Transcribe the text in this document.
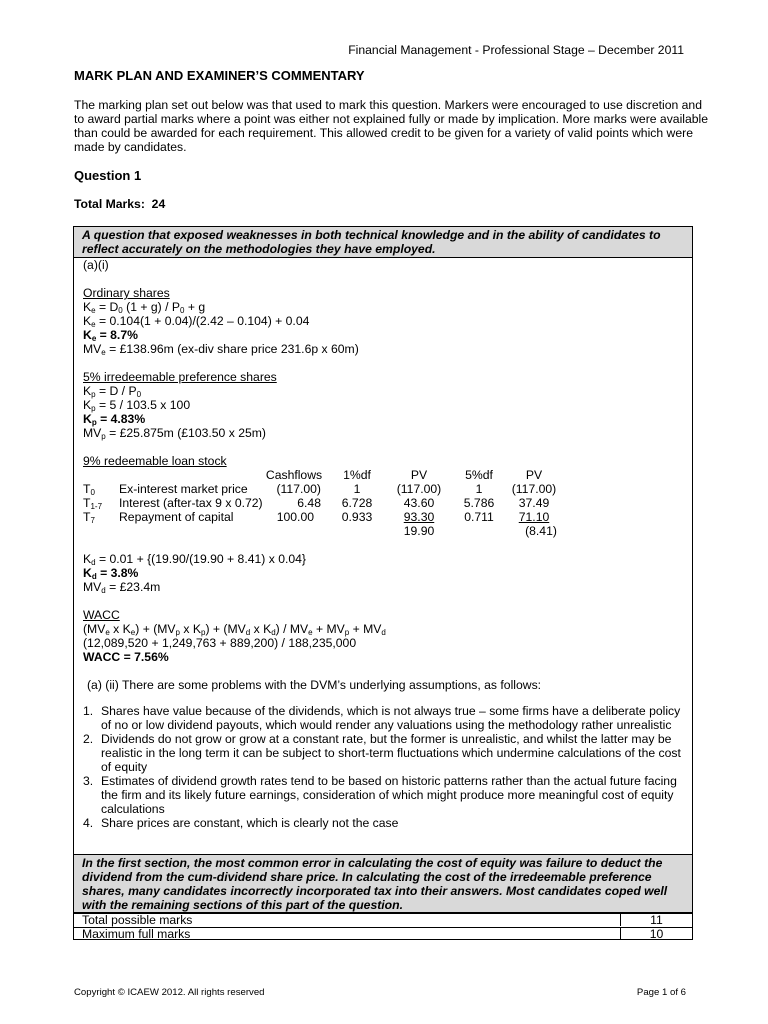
Financial Management - Professional Stage – December 2011
MARK PLAN AND EXAMINER’S COMMENTARY

The marking plan set out below was that used to mark this question. Markers were encouraged to use discretion and to award partial marks where a point was either not explained fully or made by implication. More marks were available than could be awarded for each requirement. This allowed credit to be given for a variety of valid points which were made by candidates.

Question 1
Total Marks: 24
A question that exposed weaknesses in both technical knowledge and in the ability of candidates to reflect accurately on the methodologies they have employed.
(a)(i)
Ordinary shares
$K_e = D_0$ $(1 + g) / P_0 + g$
$K_e = 0.104(1 + 0.04)/(2.42 - 0.104) + 0.04$
$K_e = 8.7\%$
$MV_e$ = £138.96m (ex-div share price 231.6p x 60m)
5% irredeemable preference shares
$K_p = D / P_0$
$K_p = 5 / 103.5$ x 100
$K_p = 4.83\%$
$MV_p$ = £25.875m (£103.50 x 25m)
9% redeemable loan stock
Cashflows	1%df	PV	5%df	PV
$T_0$ Ex-interest market price	(117.00)	1	(117.00)	1	(117.00)
$T_{1-7}$ Interest (after-tax 9 x 0.72)	6.48	6.728	43.60	5.786	37.49
$T_7$ Repayment of capital	100.00	0.933	93.30	0.711	71.10
19.90	(8.41)
$K_d = 0.01 + \{(19.90/(19.90 + 8.41)$ x 0.04}
$K_d = 3.8\%$
$MV_d$ = £23.4m
WACC
($MV_e$ x $K_e) + (MV_p$ x $K_p) + (MV_d$ x $K_d) / MV_e + MV_p + MV_d$
(12,089,520 + 1,249,763 + 889,200) / 188,235,000
WACC = 7.56%
(a) (ii) There are some problems with the DVM’s underlying assumptions, as follows:
1. Shares have value because of the dividends, which is not always true – some firms have a deliberate policy of no or low dividend payouts, which would render any valuations using the methodology rather unrealistic
2. Dividends do not grow or grow at a constant rate, but the former is unrealistic, and whilst the latter may be realistic in the long term it can be subject to short-term fluctuations which undermine calculations of the cost of equity
3. Estimates of dividend growth rates tend to be based on historic patterns rather than the actual future facing the firm and its likely future earnings, consideration of which might produce more meaningful cost of equity calculations
4. Share prices are constant, which is clearly not the case
In the first section, the most common error in calculating the cost of equity was failure to deduct the dividend from the cum-dividend share price. In calculating the cost of the irredeemable preference shares, many candidates incorrectly incorporated tax into their answers. Most candidates coped well with the remaining sections of this part of the question.
Total possible marks	11
Maximum full marks	10
Copyright © ICAEW 2012. All rights reserved	Page 1 of 6
